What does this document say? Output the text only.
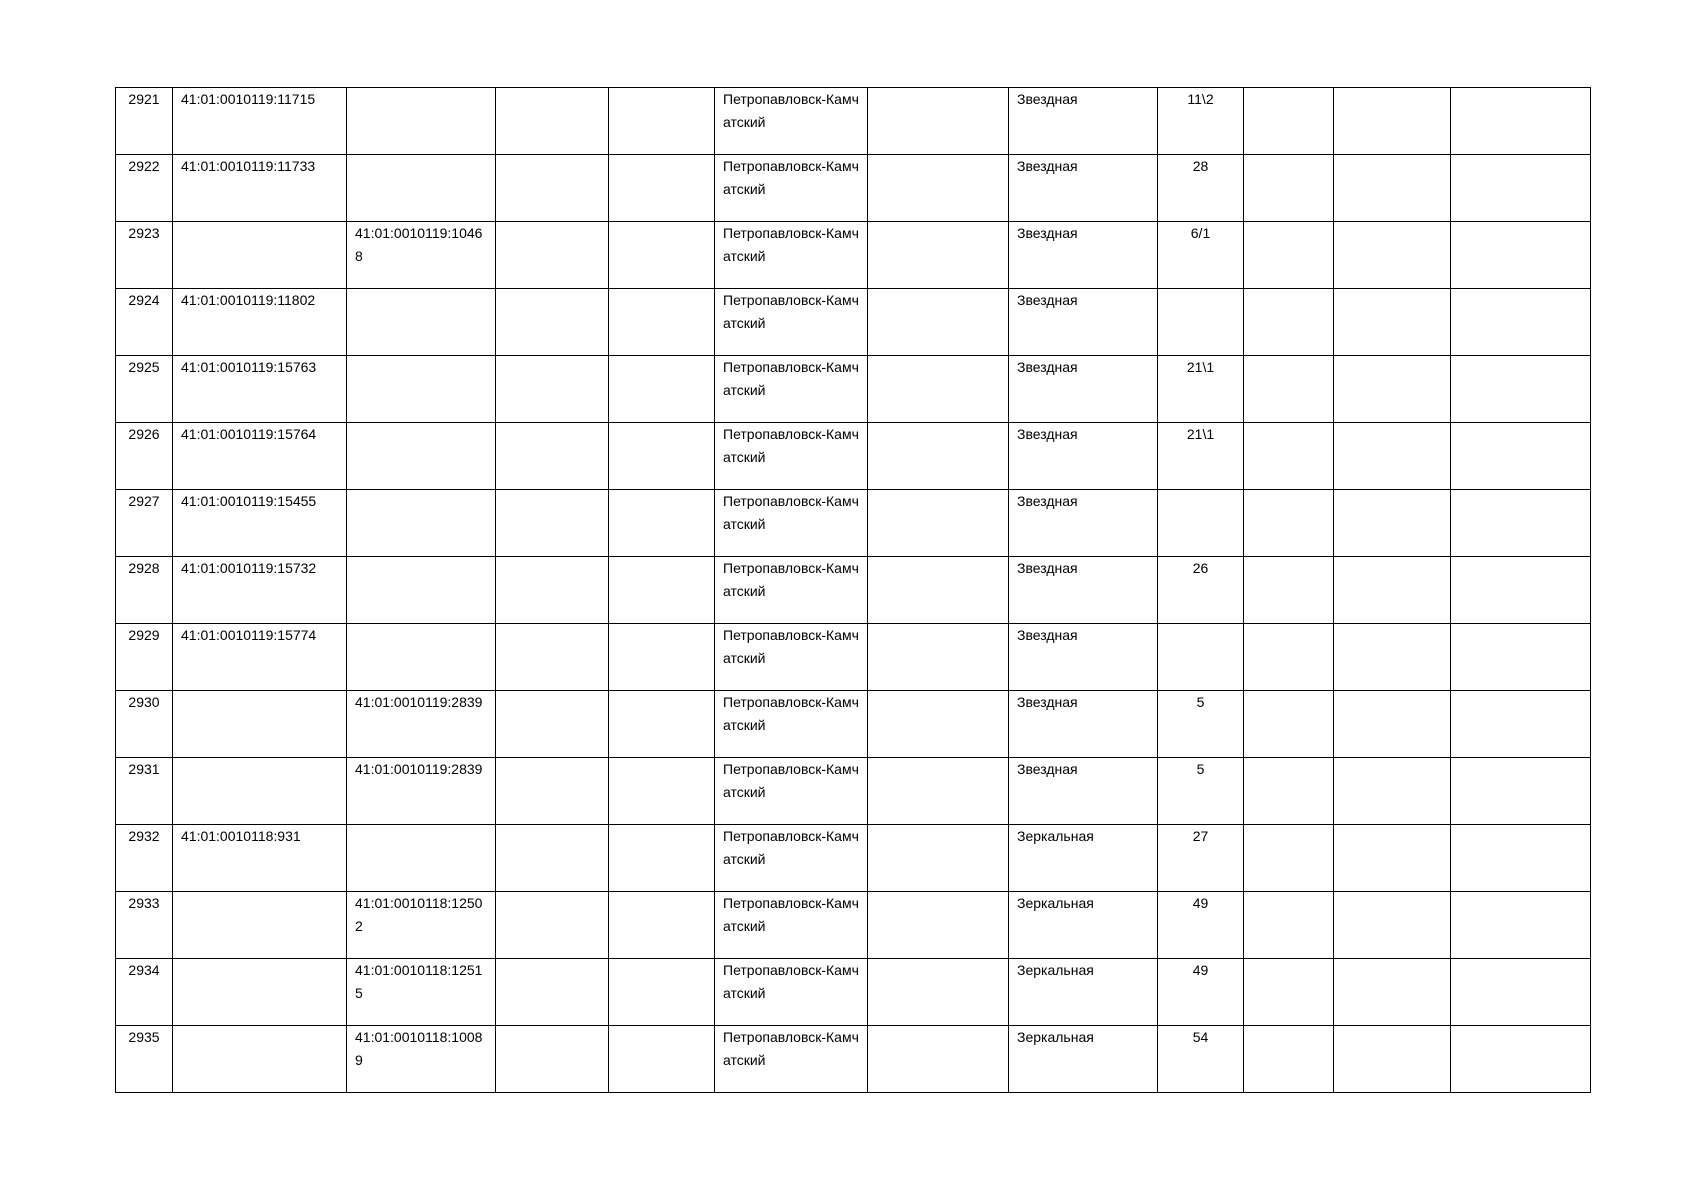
2921	41:01:0010119:11715				Петропавловск-Камчатский		Звездная	11\2			

2922	41:01:0010119:11733				Петропавловск-Камчатский		Звездная	28			

2923		41:01:0010119:10468			Петропавловск-Камчатский		Звездная	6/1			

2924	41:01:0010119:11802				Петропавловск-Камчатский		Звездная				

2925	41:01:0010119:15763				Петропавловск-Камчатский		Звездная	21\1			

2926	41:01:0010119:15764				Петропавловск-Камчатский		Звездная	21\1			

2927	41:01:0010119:15455				Петропавловск-Камчатский		Звездная				

2928	41:01:0010119:15732				Петропавловск-Камчатский		Звездная	26			

2929	41:01:0010119:15774				Петропавловск-Камчатский		Звездная				

2930		41:01:0010119:2839			Петропавловск-Камчатский		Звездная	5			

2931		41:01:0010119:2839			Петропавловск-Камчатский		Звездная	5			

2932	41:01:0010118:931				Петропавловск-Камчатский		Зеркальная	27			

2933		41:01:0010118:12502			Петропавловск-Камчатский		Зеркальная	49			

2934		41:01:0010118:12515			Петропавловск-Камчатский		Зеркальная	49			

2935		41:01:0010118:10089			Петропавловск-Камчатский		Зеркальная	54			
